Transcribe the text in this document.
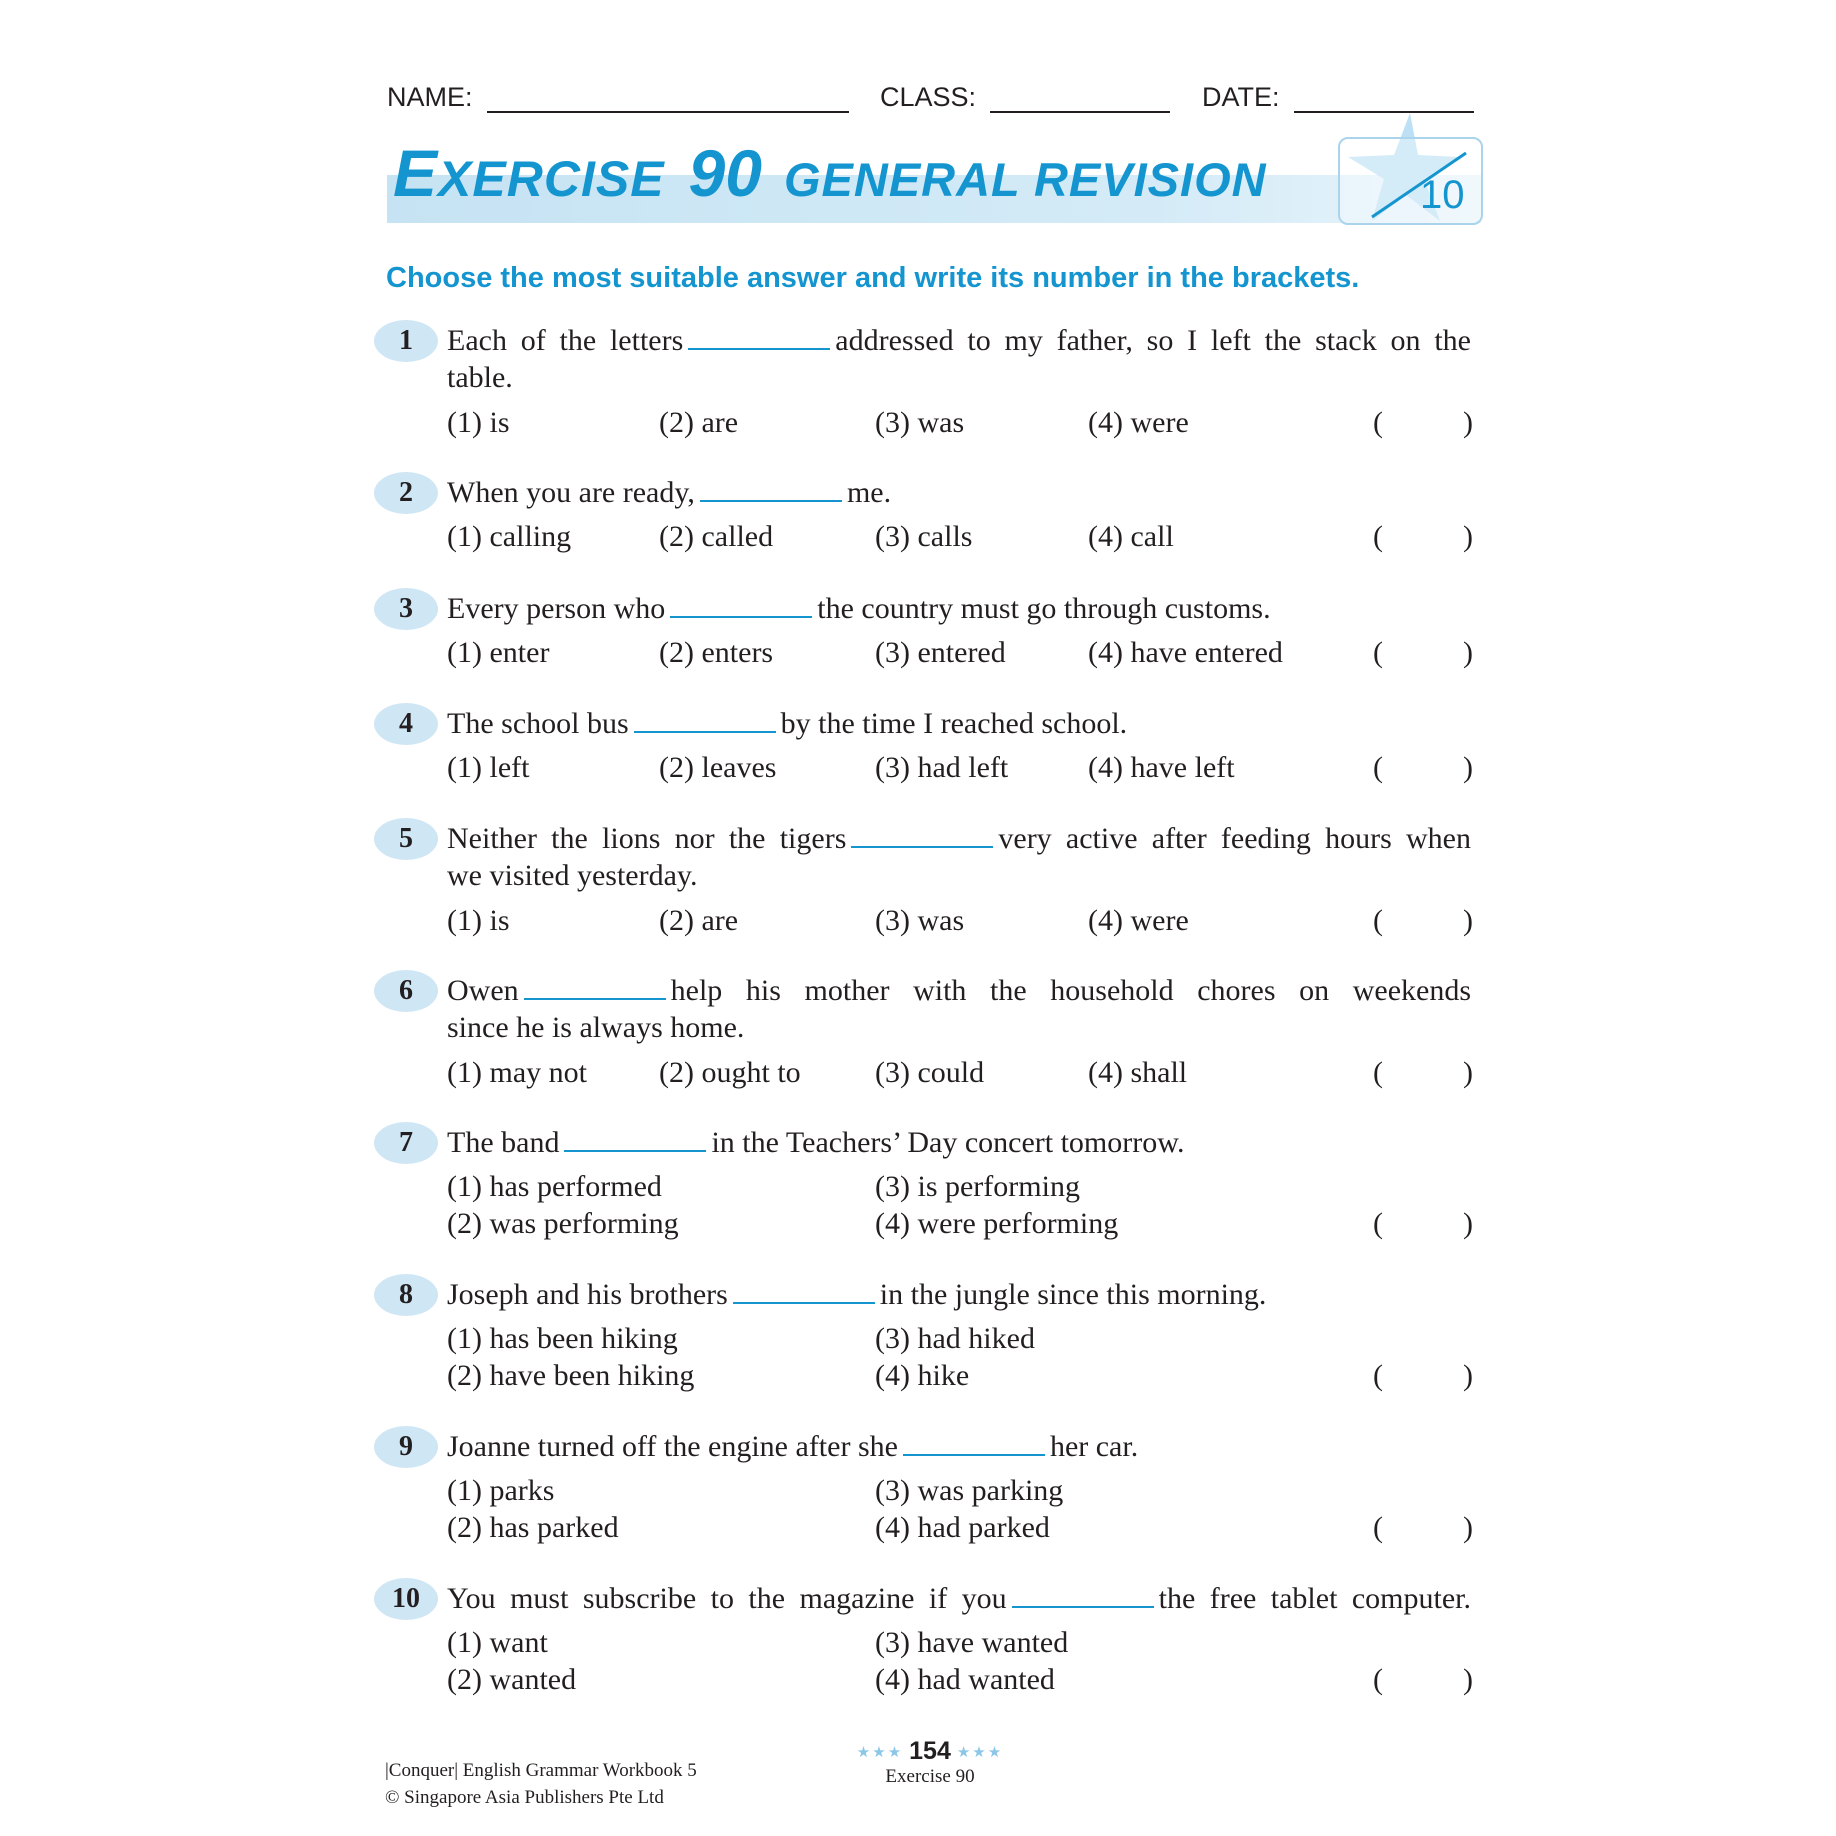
NAME:	CLASS:	DATE:
10
EXERCISE 90 GENERAL REVISION
Choose the most suitable answer and write its number in the brackets.
1	Each of the letters	addressed to my father, so I left the stack on the
table.
(1) is	(2) are	(3) was	(4) were	(	)
2	When you are ready,	me.
(1) calling	(2) called	(3) calls	(4) call	(	)
3	Every person who	the country must go through customs.
(1) enter	(2) enters	(3) entered	(4) have entered	(	)
4	The school bus	by the time I reached school.
(1) left	(2) leaves	(3) had left	(4) have left	(	)
5	Neither the lions nor the tigers	very active after feeding hours when
we visited yesterday.
(1) is	(2) are	(3) was	(4) were	(	)
6	Owen	help his mother with the household chores on weekends
since he is always home.
(1) may not (2) ought to (3) could	(4) shall	(	)
7	The band	in the Teachers’ Day concert tomorrow.
(1) has performed
(2) was performing
(3) is performing
(4) were performing	(	)
8	Joseph and his brothers	in the jungle since this morning.
(1) has been hiking
(2) have been hiking
(3) had hiked
(4) hike	(	)
9	Joanne turned off the engine after she	her car.
(1) parks
(2) has parked
(3) was parking
(4) had parked	(	)
10 You must subscribe to the magazine if you	the free tablet computer.
(1) want
(2) wanted
(3) have wanted
(4) had wanted	(	)
|Conquer| English Grammar Workbook 5
© Singapore Asia Publishers Pte Ltd
★★★ 154 ★★★
Exercise 90
